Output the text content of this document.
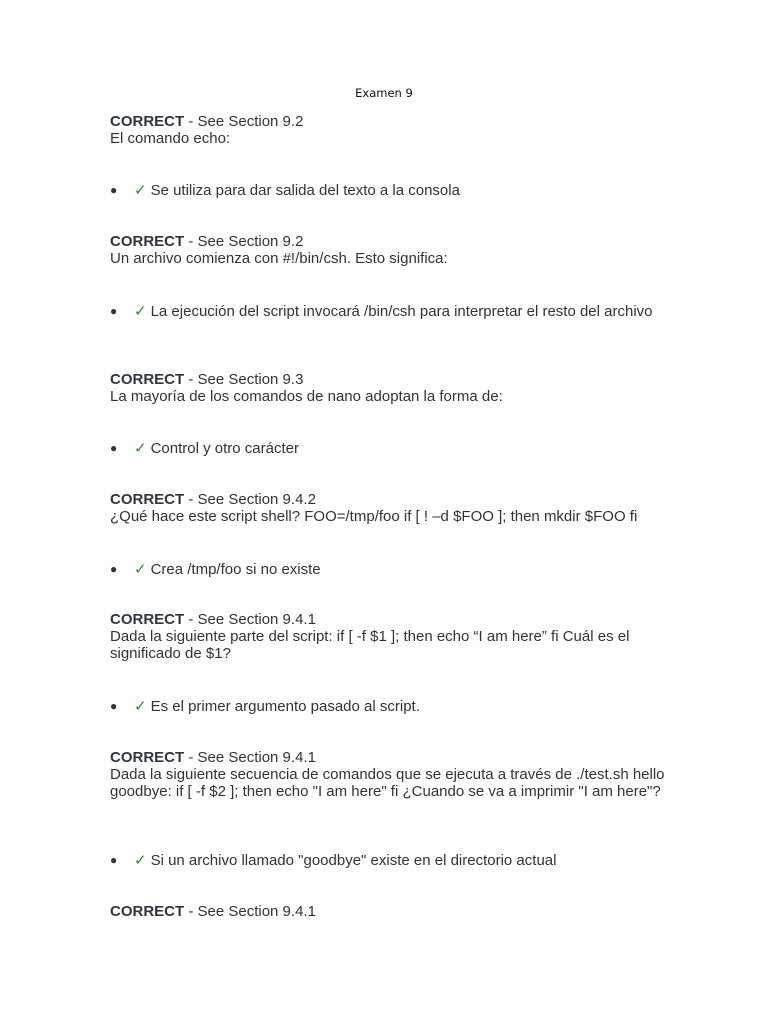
Examen 9
CORRECT - See Section 9.2
El comando echo:
●	✓ Se utiliza para dar salida del texto a la consola
CORRECT - See Section 9.2
Un archivo comienza con #!/bin/csh. Esto significa:
●	✓ La ejecución del script invocará /bin/csh para interpretar el resto del archivo
CORRECT - See Section 9.3
La mayoría de los comandos de nano adoptan la forma de:
●	✓ Control y otro carácter
CORRECT - See Section 9.4.2
¿Qué hace este script shell? FOO=/tmp/foo if [ ! –d $FOO ]; then mkdir $FOO fi
●	✓ Crea /tmp/foo si no existe
CORRECT - See Section 9.4.1
Dada la siguiente parte del script: if [ -f $1 ]; then echo “I am here” fi Cuál es el significado de $1?
●	✓ Es el primer argumento pasado al script.
CORRECT - See Section 9.4.1
Dada la siguiente secuencia de comandos que se ejecuta a través de ./test.sh hello goodbye: if [ -f $2 ]; then echo "I am here" fi ¿Cuando se va a imprimir "I am here"?
●	✓ Si un archivo llamado "goodbye" existe en el directorio actual
CORRECT - See Section 9.4.1
